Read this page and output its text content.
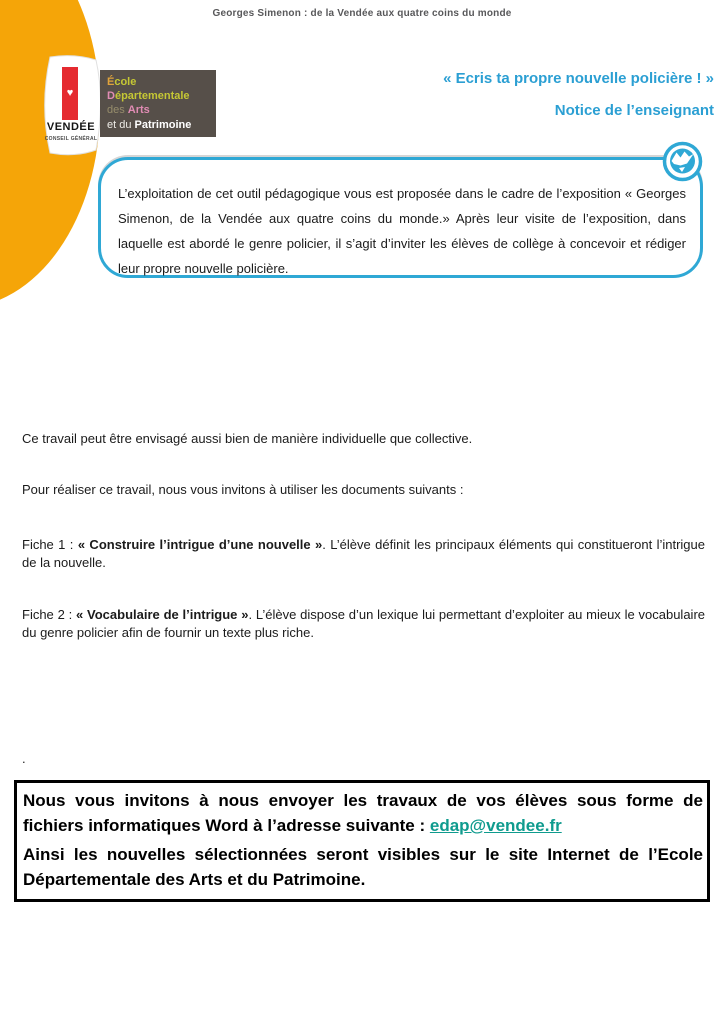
Georges Simenon : de la Vendée aux quatre coins du monde
♥
VENDÉE
CONSEIL GÉNÉRAL
École
Départementale
des Arts
et du Patrimoine
« Ecris ta propre nouvelle policière ! »
Notice de l’enseignant
L’exploitation de cet outil pédagogique vous est proposée dans le cadre de l’exposition « Georges Simenon, de la Vendée aux quatre coins du monde.» Après leur visite de l’exposition, dans laquelle est abordé le genre policier, il s’agit d’inviter les élèves de collège à concevoir et rédiger leur propre nouvelle policière.

Ce travail peut être envisagé aussi bien de manière individuelle que collective.

Pour réaliser ce travail, nous vous invitons à utiliser les documents suivants :

Fiche 1 : « Construire l’intrigue d’une nouvelle ». L’élève définit les principaux éléments qui constitueront l’intrigue de la nouvelle.

Fiche 2 : « Vocabulaire de l’intrigue ». L’élève dispose d’un lexique lui permettant d’exploiter au mieux le vocabulaire du genre policier afin de fournir un texte plus riche.

.

Nous vous invitons à nous envoyer les travaux de vos élèves sous forme de fichiers informatiques Word à l’adresse suivante : edap@vendee.fr

Ainsi les nouvelles sélectionnées seront visibles sur le site Internet de l’Ecole Départementale des Arts et du Patrimoine.
